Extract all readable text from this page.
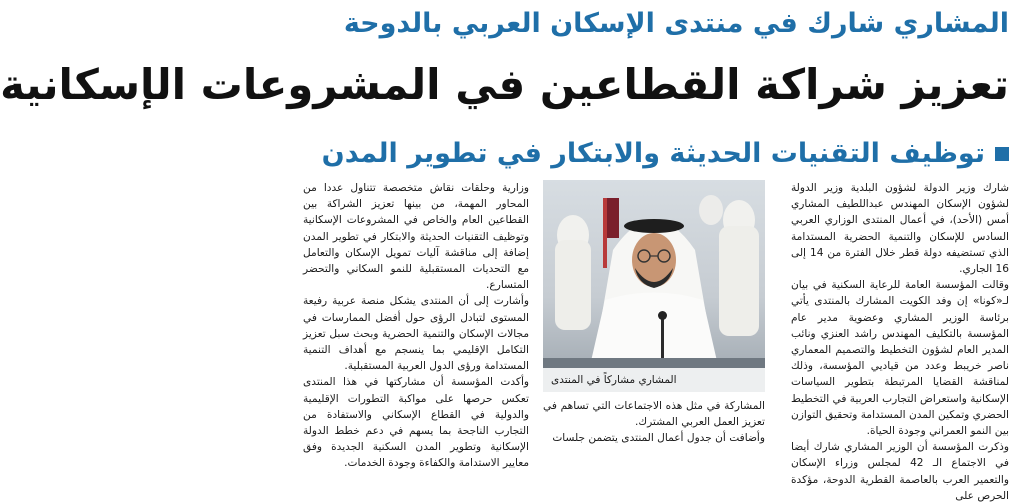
المشاري شارك في منتدى الإسكان العربي بالدوحة
تعزيز شراكة القطاعين في المشروعات الإسكانية
توظيف التقنيات الحديثة والابتكار في تطوير المدن

شارك وزير الدولة لشؤون البلدية وزير الدولة لشؤون الإسكان المهندس عبداللطيف المشاري أمس (الأحد)، في أعمال المنتدى الوزاري العربي السادس للإسكان والتنمية الحضرية المستدامة الذي تستضيفه دولة قطر خلال الفترة من 14 إلى 16 الجاري.

وقالت المؤسسة العامة للرعاية السكنية في بيان لـ«كونا» إن وفد الكويت المشارك بالمنتدى يأتي برئاسة الوزير المشاري وعضوية مدير عام المؤسسة بالتكليف المهندس راشد العنزي ونائب المدير العام لشؤون التخطيط والتصميم المعماري ناصر خريبط وعدد من قياديي المؤسسة، وذلك لمناقشة القضايا المرتبطة بتطوير السياسات الإسكانية واستعراض التجارب العربية في التخطيط الحضري وتمكين المدن المستدامة وتحقيق التوازن بين النمو العمراني وجودة الحياة.

وذكرت المؤسسة أن الوزير المشاري شارك أيضا في الاجتماع الـ 42 لمجلس وزراء الإسكان والتعمير العرب بالعاصمة القطرية الدوحة، مؤكدة الحرص على

المشاري مشاركاً في المنتدى

المشاركة في مثل هذه الاجتماعات التي تساهم في تعزيز العمل العربي المشترك.

وأضافت أن جدول أعمال المنتدى يتضمن جلسات

وزارية وحلقات نقاش متخصصة تتناول عددا من المحاور المهمة، من بينها تعزيز الشراكة بين القطاعين العام والخاص في المشروعات الإسكانية وتوظيف التقنيات الحديثة والابتكار في تطوير المدن إضافة إلى مناقشة آليات تمويل الإسكان والتعامل مع التحديات المستقبلية للنمو السكاني والتحضر المتسارع.

وأشارت إلى أن المنتدى يشكل منصة عربية رفيعة المستوى لتبادل الرؤى حول أفضل الممارسات في مجالات الإسكان والتنمية الحضرية وبحث سبل تعزيز التكامل الإقليمي بما ينسجم مع أهداف التنمية المستدامة ورؤى الدول العربية المستقبلية.

وأكدت المؤسسة أن مشاركتها في هذا المنتدى تعكس حرصها على مواكبة التطورات الإقليمية والدولية في القطاع الإسكاني والاستفادة من التجارب الناجحة بما يسهم في دعم خطط الدولة الإسكانية وتطوير المدن السكنية الجديدة وفق معايير الاستدامة والكفاءة وجودة الخدمات.
